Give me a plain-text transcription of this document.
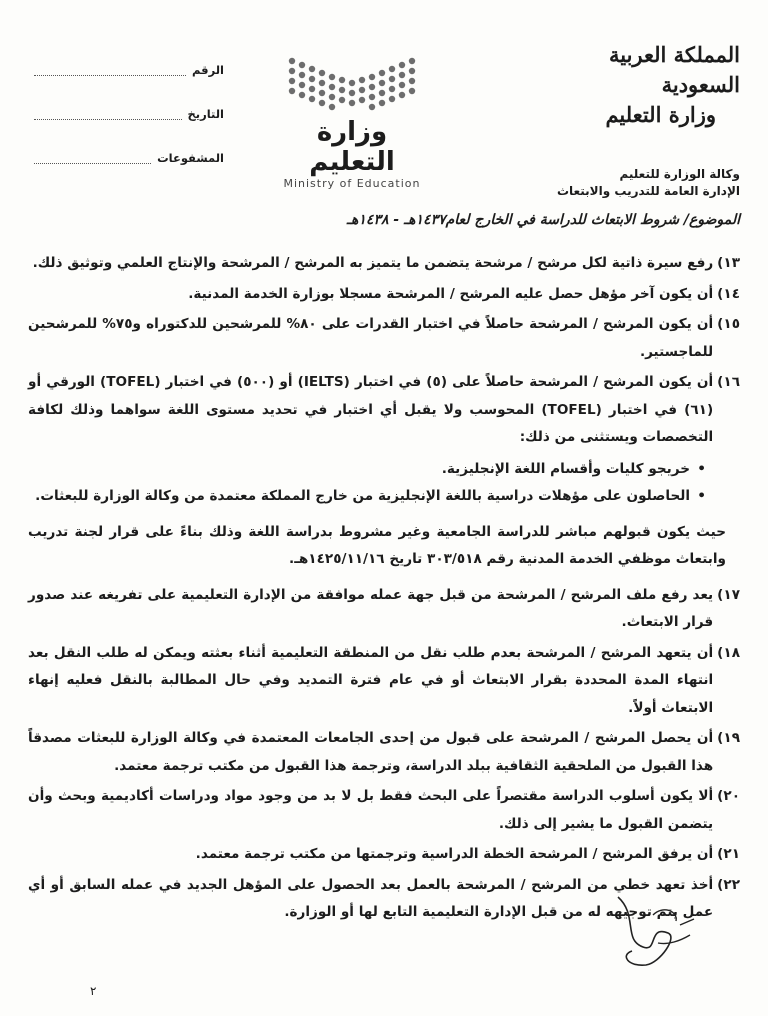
المملكة العربية السعودية
وزارة التعليم
الرقم
التاريخ
المشفوعات
وزارة التعليم
Ministry of Education
وكالة الوزارة للتعليم
الإدارة العامة للتدريب والابتعاث
الموضوع/ شروط الابتعاث للدراسة في الخارج لعام١٤٣٧هـ - ١٤٣٨هـ
١٣)
رفع سيرة ذاتية لكل مرشح / مرشحة يتضمن ما يتميز به المرشح / المرشحة والإنتاج العلمي وتوثيق ذلك.
١٤)
أن يكون آخر مؤهل حصل عليه المرشح / المرشحة مسجلا بوزارة الخدمة المدنية.
١٥)
أن يكون المرشح / المرشحة حاصلاً في اختبار القدرات على ٨٠% للمرشحين للدكتوراه و٧٥% للمرشحين للماجستير.
١٦)
أن يكون المرشح / المرشحة حاصلاً على (٥) في اختبار (IELTS) أو (٥٠٠) في اختبار (TOFEL) الورقي أو (٦١) في اختبار (TOFEL) المحوسب ولا يقبل أي اختبار في تحديد مستوى اللغة سواهما وذلك لكافة التخصصات ويستثنى من ذلك:
•
خريجو كليات وأقسام اللغة الإنجليزية.
•
الحاصلون على مؤهلات دراسية باللغة الإنجليزية من خارج المملكة معتمدة من وكالة الوزارة للبعثات.
حيث يكون قبولهم مباشر للدراسة الجامعية وغير مشروط بدراسة اللغة وذلك بناءً على قرار لجنة تدريب وابتعاث موظفي الخدمة المدنية رقم ٣٠٣/٥١٨ تاريخ ١٤٢٥/١١/١٦هـ.
١٧)
يعد رفع ملف المرشح / المرشحة من قبل جهة عمله موافقة من الإدارة التعليمية على تفريغه عند صدور قرار الابتعاث.
١٨)
أن يتعهد المرشح / المرشحة بعدم طلب نقل من المنطقة التعليمية أثناء بعثته ويمكن له طلب النقل بعد انتهاء المدة المحددة بقرار الابتعاث أو في عام فترة التمديد وفي حال المطالبة بالنقل فعليه إنهاء الابتعاث أولاً.
١٩)
أن يحصل المرشح / المرشحة على قبول من إحدى الجامعات المعتمدة في وكالة الوزارة للبعثات مصدقاً هذا القبول من الملحقية الثقافية ببلد الدراسة، وترجمة هذا القبول من مكتب ترجمة معتمد.
٢٠)
ألا يكون أسلوب الدراسة مقتصراً على البحث فقط بل لا بد من وجود مواد ودراسات أكاديمية وبحث وأن يتضمن القبول ما يشير إلى ذلك.
٢١)
أن يرفق المرشح / المرشحة الخطة الدراسية وترجمتها من مكتب ترجمة معتمد.
٢٢)
أخذ تعهد خطي من المرشح / المرشحة بالعمل بعد الحصول على المؤهل الجديد في عمله السابق أو أي عمل يتم توجيهه له من قبل الإدارة التعليمية التابع لها أو الوزارة.
٢
